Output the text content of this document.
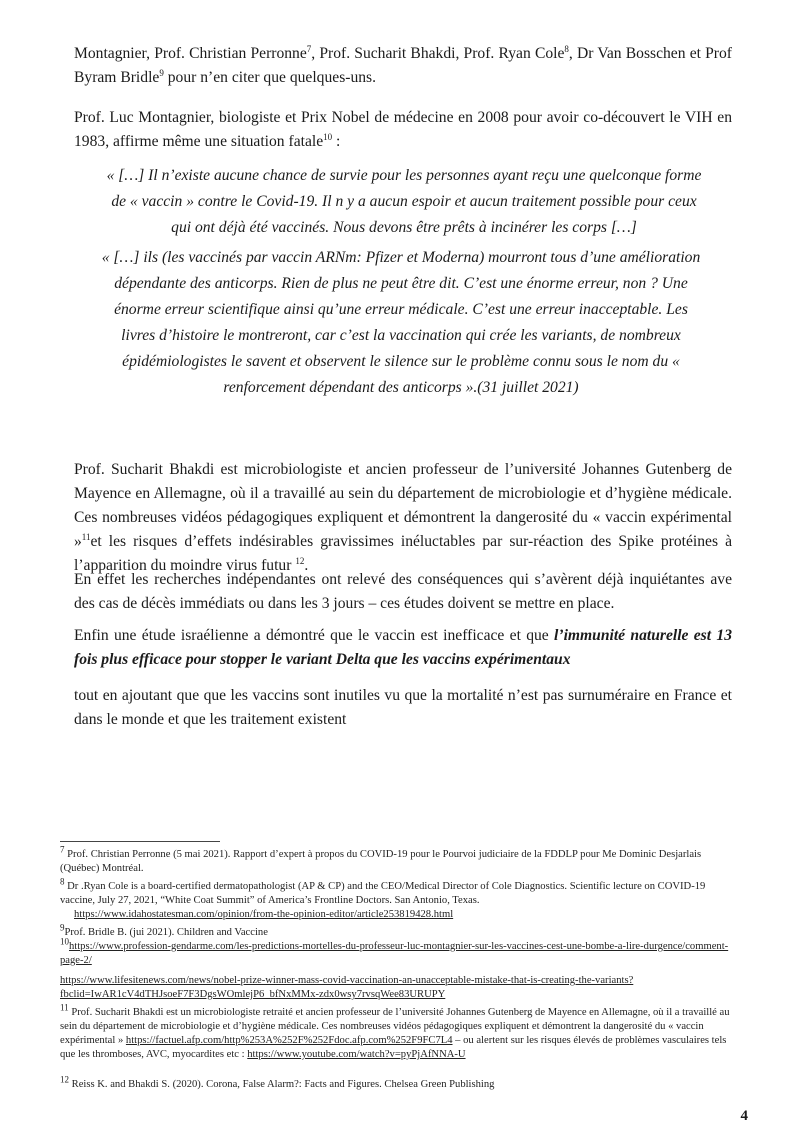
Montagnier, Prof. Christian Perronne$^7$, Prof. Sucharit Bhakdi, Prof. Ryan Cole$^8$, Dr Van Bosschen et Prof Byram Bridle$^9$ pour n’en citer que quelques-uns.

Prof. Luc Montagnier, biologiste et Prix Nobel de médecine en 2008 pour avoir co-découvert le VIH en 1983, affirme même une situation fatale$^{10}$ :

« […] Il n’existe aucune chance de survie pour les personnes ayant reçu une quelconque forme de « vaccin » contre le Covid-19. Il n y a aucun espoir et aucun traitement possible pour ceux qui ont déjà été vaccinés. Nous devons être prêts à incinérer les corps […]

« […] ils (les vaccinés par vaccin ARNm: Pfizer et Moderna) mourront tous d’une amélioration dépendante des anticorps. Rien de plus ne peut être dit. C’est une énorme erreur, non ? Une énorme erreur scientifique ainsi qu’une erreur médicale. C’est une erreur inacceptable. Les livres d’histoire le montreront, car c’est la vaccination qui crée les variants, de nombreux épidémiologistes le savent et observent le silence sur le problème connu sous le nom du « renforcement dépendant des anticorps ».(31 juillet 2021)

Prof. Sucharit Bhakdi est microbiologiste et ancien professeur de l’université Johannes Gutenberg de Mayence en Allemagne, où il a travaillé au sein du département de microbiologie et d’hygiène médicale. Ces nombreuses vidéos pédagogiques expliquent et démontrent la dangerosité du « vaccin expérimental »$^{11}$et les risques d’effets indésirables gravissimes inéluctables par sur-réaction des Spike protéines à l’apparition du moindre virus futur $^{12}$.

En effet les recherches indépendantes ont relevé des conséquences qui s’avèrent déjà inquiétantes ave des cas de décès immédiats ou dans les 3 jours – ces études doivent se mettre en place.

Enfin une étude israélienne a démontré que le vaccin est inefficace et que l’immunité naturelle est 13 fois plus efficace pour stopper le variant Delta que les vaccins expérimentaux

tout en ajoutant que que les vaccins sont inutiles vu que la mortalité n’est pas surnuméraire en France et dans le monde et que les traitement existent

$^7$ Prof. Christian Perronne (5 mai 2021). Rapport d’expert à propos du COVID-19 pour le Pourvoi judiciaire de la FDDLP pour Me Dominic Desjarlais (Québec) Montréal.
$^8$ Dr .Ryan Cole is a board-certified dermatopathologist (AP & CP) and the CEO/Medical Director of Cole Diagnostics. Scientific lecture on COVID-19 vaccine, July 27, 2021, “White Coat Summit” of America’s Frontline Doctors. San Antonio, Texas.
https://www.idahostatesman.com/opinion/from-the-opinion-editor/article253819428.html
$^9$Prof. Bridle B. (jui 2021). Children and Vaccine
$^{10}$https://www.profession-gendarme.com/les-predictions-mortelles-du-professeur-luc-montagnier-sur-les-vaccines-cest-une-bombe-a-lire-durgence/comment-page-2/
https://www.lifesitenews.com/news/nobel-prize-winner-mass-covid-vaccination-an-unacceptable-mistake-that-is-creating-the-variants?fbclid=IwAR1cV4dTHJsoeF7F3DgsWOmlejP6_bfNxMMx-zdx0wsy7rvsqWee83URUPY
$^{11}$ Prof. Sucharit Bhakdi est un microbiologiste retraité et ancien professeur de l’université Johannes Gutenberg de Mayence en Allemagne, où il a travaillé au sein du département de microbiologie et d’hygiène médicale. Ces nombreuses vidéos pédagogiques expliquent et démontrent la dangerosité du « vaccin expérimental » https://factuel.afp.com/http%253A%252F%252Fdoc.afp.com%252F9FC7L4 – ou alertent sur les risques élevés de problèmes vasculaires tels que les thromboses, AVC, myocardites etc : https://www.youtube.com/watch?v=pyPjAfNNA-U
$^{12}$ Reiss K. and Bhakdi S. (2020). Corona, False Alarm?: Facts and Figures. Chelsea Green Publishing
4
